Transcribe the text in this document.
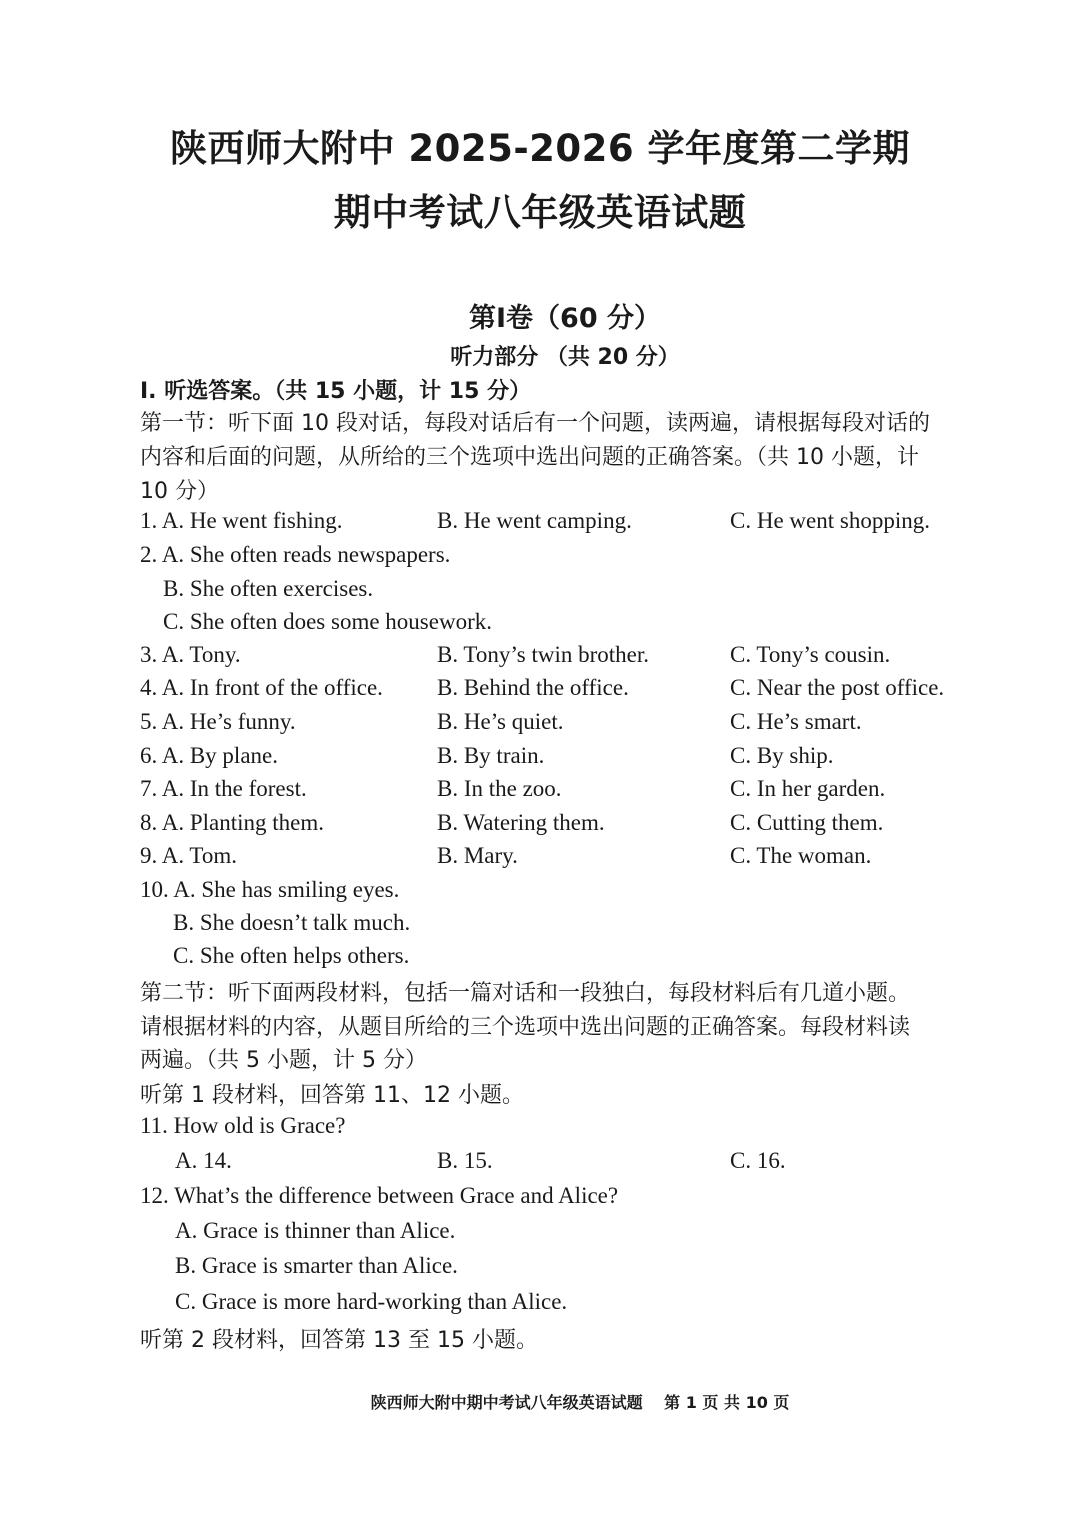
陕西师大附中 2025-2026 学年度第二学期
期中考试八年级英语试题
第Ⅰ卷（60 分）
听力部分 （共 20 分）
I. 听选答案。（共 15 小题，计 15 分）
第一节：听下面 10 段对话，每段对话后有一个问题，读两遍，请根据每段对话的
内容和后面的问题，从所给的三个选项中选出问题的正确答案。（共 10 小题，计
10 分）
1. A. He went fishing.	B. He went camping.	C. He went shopping.
2. A. She often reads newspapers.
B. She often exercises.
C. She often does some housework.
3. A. Tony.	B. Tony’s twin brother.	C. Tony’s cousin.
4. A. In front of the office. B. Behind the office.	C. Near the post office.
5. A. He’s funny.	B. He’s quiet.	C. He’s smart.
6. A. By plane.	B. By train.	C. By ship.
7. A. In the forest.	B. In the zoo.	C. In her garden.
8. A. Planting them.	B. Watering them.	C. Cutting them.
9. A. Tom.	B. Mary.	C. The woman.
10. A. She has smiling eyes.
B. She doesn’t talk much.
C. She often helps others.
第二节：听下面两段材料，包括一篇对话和一段独白，每段材料后有几道小题。
请根据材料的内容，从题目所给的三个选项中选出问题的正确答案。每段材料读
两遍。（共 5 小题，计 5 分）
听第 1 段材料，回答第 11、12 小题。
11. How old is Grace?
A. 14.	B. 15.	C. 16.
12. What’s the difference between Grace and Alice?
A. Grace is thinner than Alice.
B. Grace is smarter than Alice.
C. Grace is more hard-working than Alice.
听第 2 段材料，回答第 13 至 15 小题。
陕西师大附中期中考试八年级英语试题　 第 1 页 共 10 页
